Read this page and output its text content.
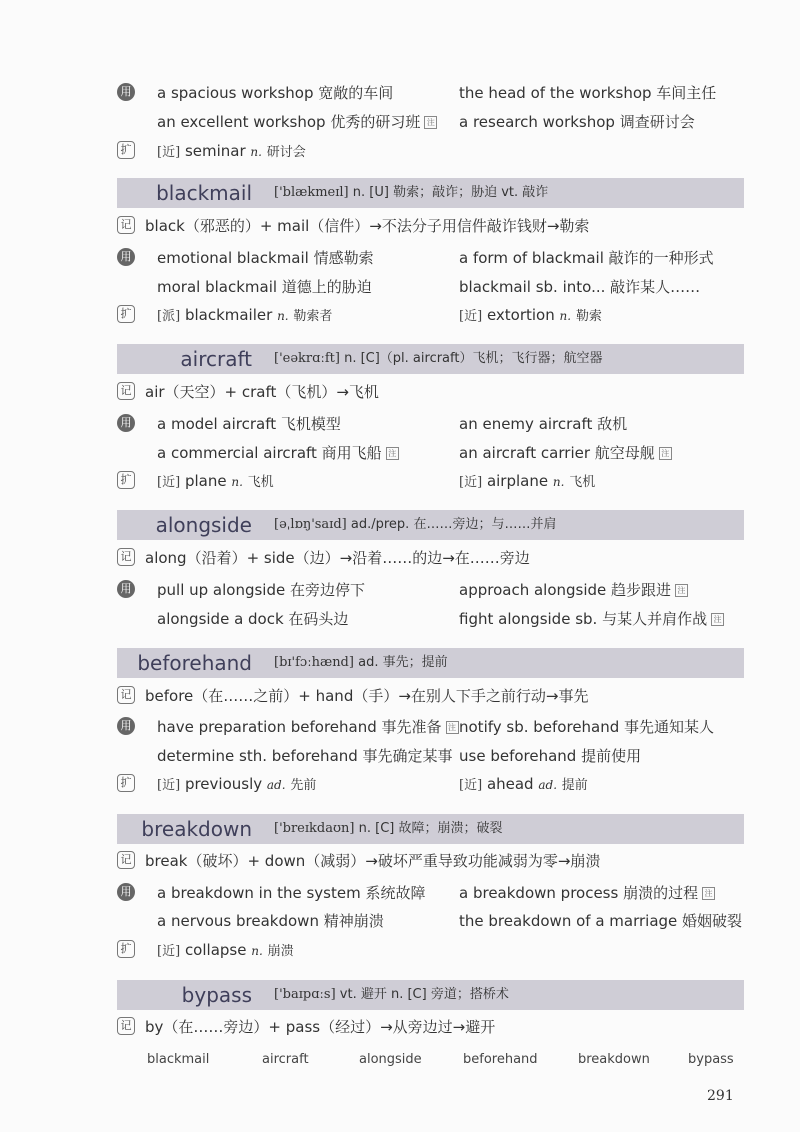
用 a spacious workshop 宽敞的车间	the head of the workshop 车间主任
an excellent workshop 优秀的研习班 注 a research workshop 调查研讨会
扩 [近] seminar n. 研讨会
blackmail ['blækmeɪl] n. [U] 勒索；敲诈；胁迫 vt. 敲诈
记 black（邪恶的）+ mail（信件）→不法分子用信件敲诈钱财→勒索
用 emotional blackmail 情感勒索	a form of blackmail 敲诈的一种形式
moral blackmail 道德上的胁迫	blackmail sb. into... 敲诈某人……
扩 [派] blackmailer n. 勒索者	[近] extortion n. 勒索
aircraft ['eəkrɑːft] n. [C]（pl. aircraft）飞机；飞行器；航空器
记 air（天空）+ craft（飞机）→飞机
用 a model aircraft 飞机模型	an enemy aircraft 敌机
a commercial aircraft 商用飞船 注	an aircraft carrier 航空母舰 注
扩 [近] plane n. 飞机	[近] airplane n. 飞机
alongside [əˌlɒŋ'saɪd] ad./prep. 在……旁边；与……并肩
记 along（沿着）+ side（边）→沿着……的边→在……旁边
用 pull up alongside 在旁边停下	approach alongside 趋步跟进 注
alongside a dock 在码头边	fight alongside sb. 与某人并肩作战 注
beforehand [bɪ'fɔːhænd] ad. 事先；提前
记 before（在……之前）+ hand（手）→在别人下手之前行动→事先
用 have preparation beforehand 事先准备 注 notify sb. beforehand 事先通知某人
determine sth. beforehand 事先确定某事 use beforehand 提前使用
扩 [近] previously ad. 先前	[近] ahead ad. 提前
breakdown ['breɪkdaʊn] n. [C] 故障；崩溃；破裂
记 break（破坏）+ down（减弱）→破坏严重导致功能减弱为零→崩溃
用 a breakdown in the system 系统故障 a breakdown process 崩溃的过程 注
a nervous breakdown 精神崩溃	the breakdown of a marriage 婚姻破裂
扩 [近] collapse n. 崩溃
bypass ['baɪpɑːs] vt. 避开 n. [C] 旁道；搭桥术
记 by（在……旁边）+ pass（经过）→从旁边过→避开
blackmail	aircraft	alongside	beforehand	breakdown	bypass
291
